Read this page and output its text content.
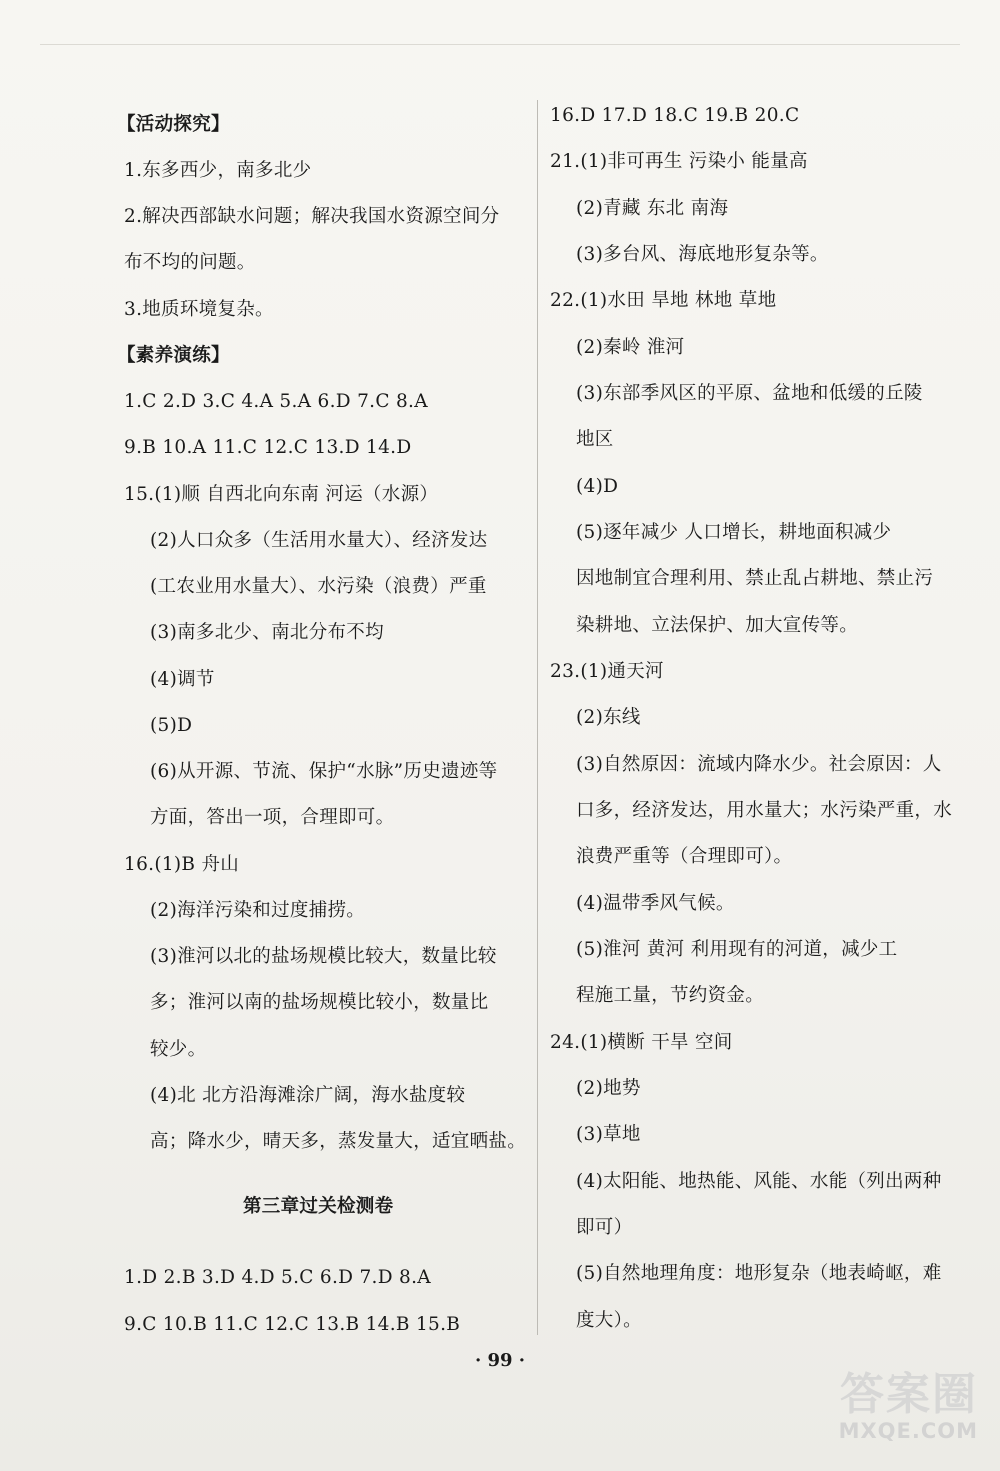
【活动探究】
1.东多西少，南多北少
2.解决西部缺水问题；解决我国水资源空间分
布不均的问题。
3.地质环境复杂。
【素养演练】
1.C 2.D 3.C 4.A 5.A 6.D 7.C 8.A
9.B 10.A 11.C 12.C 13.D 14.D
15.(1)顺 自西北向东南 河运（水源）
(2)人口众多（生活用水量大）、经济发达
(工农业用水量大）、水污染（浪费）严重
(3)南多北少、南北分布不均
(4)调节
(5)D
(6)从开源、节流、保护“水脉”历史遗迹等
方面，答出一项，合理即可。
16.(1)B 舟山
(2)海洋污染和过度捕捞。
(3)淮河以北的盐场规模比较大，数量比较
多；淮河以南的盐场规模比较小，数量比
较少。
(4)北 北方沿海滩涂广阔，海水盐度较
高；降水少，晴天多，蒸发量大，适宜晒盐。
第三章过关检测卷
1.D 2.B 3.D 4.D 5.C 6.D 7.D 8.A
9.C 10.B 11.C 12.C 13.B 14.B 15.B
16.D 17.D 18.C 19.B 20.C
21.(1)非可再生 污染小 能量高
(2)青藏 东北 南海
(3)多台风、海底地形复杂等。
22.(1)水田 旱地 林地 草地
(2)秦岭 淮河
(3)东部季风区的平原、盆地和低缓的丘陵
地区
(4)D
(5)逐年减少 人口增长，耕地面积减少
因地制宜合理利用、禁止乱占耕地、禁止污
染耕地、立法保护、加大宣传等。
23.(1)通天河
(2)东线
(3)自然原因：流域内降水少。社会原因：人
口多，经济发达，用水量大；水污染严重，水
浪费严重等（合理即可）。
(4)温带季风气候。
(5)淮河 黄河 利用现有的河道，减少工
程施工量，节约资金。
24.(1)横断 干旱 空间
(2)地势
(3)草地
(4)太阳能、地热能、风能、水能（列出两种
即可）
(5)自然地理角度：地形复杂（地表崎岖，难
度大）。
· 99 ·
答案圈
MXQE.COM
